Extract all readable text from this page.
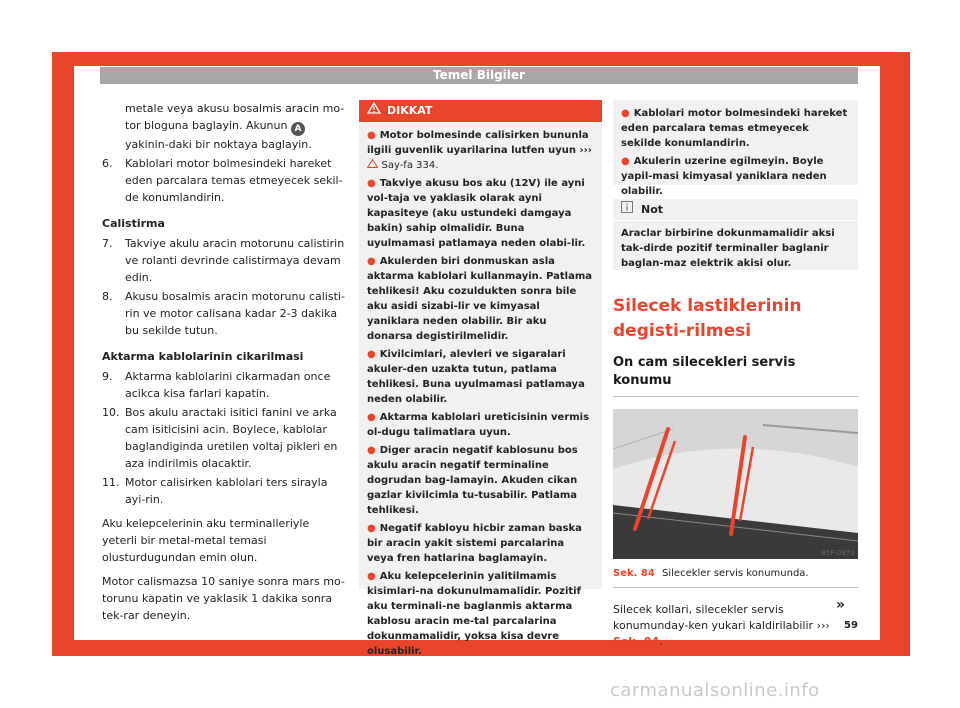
Temel Bilgiler
metale veya akusu bosalmis aracin mo-tor bloguna baglayin. Akunun A yakinin-daki bir noktaya baglayin.
6.	Kablolari motor bolmesindeki hareket eden parcalara temas etmeyecek sekil-de konumlandirin.
Calistirma
7.	Takviye akulu aracin motorunu calistirin ve rolanti devrinde calistirmaya devam edin.
8.	Akusu bosalmis aracin motorunu calisti-rin ve motor calisana kadar 2-3 dakika bu sekilde tutun.
Aktarma kablolarinin cikarilmasi
9.	Aktarma kablolarini cikarmadan once acikca kisa farlari kapatin.
10. Bos akulu aractaki isitici fanini ve arka cam isiticisini acin. Boylece, kablolar baglandiginda uretilen voltaj pikleri en aza indirilmis olacaktir.
11. Motor calisirken kablolari ters sirayla ayi-rin.

Aku kelepcelerinin aku terminalleriyle yeterli bir metal-metal temasi olusturdugundan emin olun.

Motor calismazsa 10 saniye sonra mars mo-torunu kapatin ve yaklasik 1 dakika sonra tek-rar deneyin.

DIKKAT

● Motor bolmesinde calisirken bununla ilgili guvenlik uyarilarina lutfen uyun ›››  Say-fa 334.

● Takviye akusu bos aku (12V) ile ayni vol-taja ve yaklasik olarak ayni kapasiteye (aku ustundeki damgaya bakin) sahip olmalidir. Buna uyulmamasi patlamaya neden olabi-lir.

● Akulerden biri donmuskan asla aktarma kablolari kullanmayin. Patlama tehlikesi! Aku cozuldukten sonra bile aku asidi sizabi-lir ve kimyasal yaniklara neden olabilir. Bir aku donarsa degistirilmelidir.

● Kivilcimlari, alevleri ve sigaralari akuler-den uzakta tutun, patlama tehlikesi. Buna uyulmamasi patlamaya neden olabilir.

● Aktarma kablolari ureticisinin vermis ol-dugu talimatlara uyun.

● Diger aracin negatif kablosunu bos akulu aracin negatif terminaline dogrudan bag-lamayin. Akuden cikan gazlar kivilcimla tu-tusabilir. Patlama tehlikesi.

● Negatif kabloyu hicbir zaman baska bir aracin yakit sistemi parcalarina veya fren hatlarina baglamayin.

● Aku kelepcelerinin yalitilmamis kisimlari-na dokunulmamalidir. Pozitif aku terminali-ne baglanmis aktarma kablosu aracin me-tal parcalarina dokunmamalidir, yoksa kisa devre olusabilir.

● Kablolari motor bolmesindeki hareket eden parcalara temas etmeyecek sekilde konumlandirin.

● Akulerin uzerine egilmeyin. Boyle yapil-masi kimyasal yaniklara neden olabilir.

Not
Araclar birbirine dokunmamalidir aksi tak-dirde pozitif terminaller baglanir baglan-maz elektrik akisi olur.
Silecek lastiklerinin degisti-rilmesi
On cam silecekleri servis konumu
B5F-0970
Sek. 84 Silecekler servis konumunda.
Silecek kollari, silecekler servis konumunday-ken yukari kaldirilabilir ››› Sek. 84.
»
59
carmanualsonline.info
